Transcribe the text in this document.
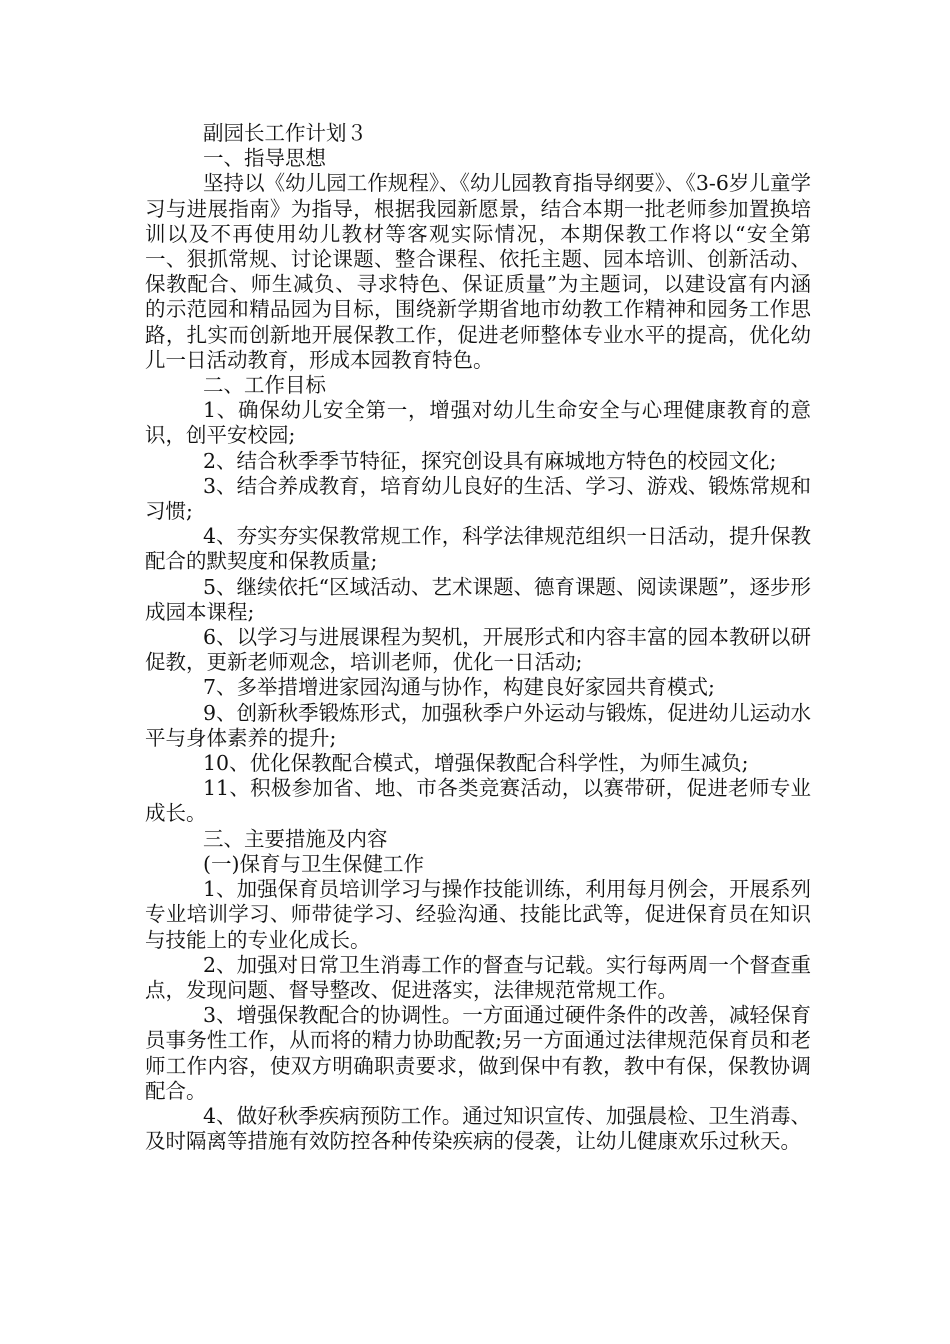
副园长工作计划３

一、指导思想

坚持以《幼儿园工作规程》、《幼儿园教育指导纲要》、《3-6岁儿童学习与进展指南》为指导，根据我园新愿景，结合本期一批老师参加置换培训以及不再使用幼儿教材等客观实际情况，本期保教工作将以“安全第一、狠抓常规、讨论课题、整合课程、依托主题、园本培训、创新活动、保教配合、师生减负、寻求特色、保证质量”为主题词，以建设富有内涵的示范园和精品园为目标，围绕新学期省地市幼教工作精神和园务工作思路，扎实而创新地开展保教工作，促进老师整体专业水平的提高，优化幼儿一日活动教育，形成本园教育特色。

二、工作目标

1、确保幼儿安全第一，增强对幼儿生命安全与心理健康教育的意识，创平安校园;

2、结合秋季季节特征，探究创设具有麻城地方特色的校园文化;

3、结合养成教育，培育幼儿良好的生活、学习、游戏、锻炼常规和习惯;

4、夯实夯实保教常规工作，科学法律规范组织一日活动，提升保教配合的默契度和保教质量;

5、继续依托“区域活动、艺术课题、德育课题、阅读课题”，逐步形成园本课程;

6、以学习与进展课程为契机，开展形式和内容丰富的园本教研以研促教，更新老师观念，培训老师，优化一日活动;

7、多举措增进家园沟通与协作，构建良好家园共育模式;

9、创新秋季锻炼形式，加强秋季户外运动与锻炼，促进幼儿运动水平与身体素养的提升;

10、优化保教配合模式，增强保教配合科学性，为师生减负;

11、积极参加省、地、市各类竞赛活动，以赛带研，促进老师专业成长。

三、主要措施及内容

(一)保育与卫生保健工作

1、加强保育员培训学习与操作技能训练，利用每月例会，开展系列专业培训学习、师带徒学习、经验沟通、技能比武等，促进保育员在知识与技能上的专业化成长。

2、加强对日常卫生消毒工作的督查与记载。实行每两周一个督查重点，发现问题、督导整改、促进落实，法律规范常规工作。

3、增强保教配合的协调性。一方面通过硬件条件的改善，减轻保育员事务性工作，从而将的精力协助配教;另一方面通过法律规范保育员和老师工作内容，使双方明确职责要求，做到保中有教，教中有保，保教协调配合。

4、做好秋季疾病预防工作。通过知识宣传、加强晨检、卫生消毒、及时隔离等措施有效防控各种传染疾病的侵袭，让幼儿健康欢乐过秋天。
